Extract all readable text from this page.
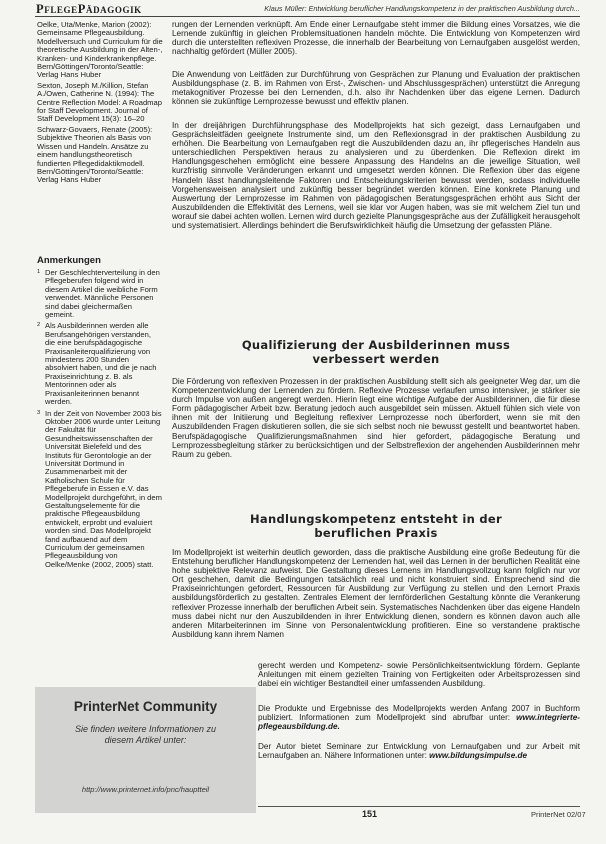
PflegePädagogik	Klaus Müller: Entwicklung beruflicher Handlungskompetenz in der praktischen Ausbildung durch...

Oelke, Uta/Menke, Marion (2002): Gemeinsame Pflegeausbildung. Modellversuch und Curriculum für die theoretische Ausbildung in der Alten-, Kranken- und Kinderkrankenpflege. Bern/Göttingen/Toronto/Seattle: Verlag Hans Huber

Sexton, Joseph M./Killion, Stefan A./Owen, Catherine N. (1994): The Centre Reflection Model: A Roadmap for Staff Development. Journal of Staff Development 15(3): 16–20

Schwarz-Govaers, Renate (2005): Subjektive Theorien als Basis von Wissen und Handeln. Ansätze zu einem handlungstheoretisch fundierten Pflegedidaktikmodell. Bern/Göttingen/Toronto/Seattle: Verlag Hans Huber

Anmerkungen
1 Der Geschlechterverteilung in den Pflegeberufen folgend wird in diesem Artikel die weibliche Form verwendet. Männliche Personen sind dabei gleichermaßen gemeint.
2 Als Ausbilderinnen werden alle Berufsangehörigen verstanden, die eine berufspädagogische Praxisanleiterqualifizierung von mindestens 200 Stunden absolviert haben, und die je nach Praxiseinrichtung z. B. als Mentorinnen oder als Praxisanleiterinnen benannt werden.
3 In der Zeit von November 2003 bis Oktober 2006 wurde unter Leitung der Fakultät für Gesundheitswissenschaften der Universität Bielefeld und des Instituts für Gerontologie an der Universität Dortmund in Zusammenarbeit mit der Katholischen Schule für Pflegeberufe in Essen e.V. das Modellprojekt durchgeführt, in dem Gestaltungselemente für die praktische Pflegeausbildung entwickelt, erprobt und evaluiert worden sind. Das Modellprojekt fand aufbauend auf dem Curriculum der gemeinsamen Pflegeausbildung von Oelke/Menke (2002, 2005) statt.
PrinterNet Community
Sie finden weitere Informationen zu diesem Artikel unter:
http://www.printernet.info/pnc/hauptteil

rungen der Lernenden verknüpft. Am Ende einer Lernaufgabe steht immer die Bildung eines Vorsatzes, wie die Lernende zukünftig in gleichen Problemsituationen handeln möchte. Die Entwicklung von Kompetenzen wird durch die unterstellten reflexiven Prozesse, die innerhalb der Bearbeitung von Lernaufgaben ausgelöst werden, nachhaltig gefördert (Müller 2005).

Die Anwendung von Leitfäden zur Durchführung von Gesprächen zur Planung und Evaluation der praktischen Ausbildungsphase (z. B. im Rahmen von Erst-, Zwischen- und Abschlussgesprächen) unterstützt die Anregung metakognitiver Prozesse bei den Lernenden, d.h. also ihr Nachdenken über das eigene Lernen. Dadurch können sie zukünftige Lernprozesse bewusst und effektiv planen.

In der dreijährigen Durchführungsphase des Modellprojekts hat sich gezeigt, dass Lernaufgaben und Gesprächsleitfäden geeignete Instrumente sind, um den Reflexionsgrad in der praktischen Ausbildung zu erhöhen. Die Bearbeitung von Lernaufgaben regt die Auszubildenden dazu an, ihr pflegerisches Handeln aus unterschiedlichen Perspektiven heraus zu analysieren und zu überdenken. Die Reflexion direkt im Handlungsgeschehen ermöglicht eine bessere Anpassung des Handelns an die jeweilige Situation, weil kurzfristig sinnvolle Veränderungen erkannt und umgesetzt werden können. Die Reflexion über das eigene Handeln lässt handlungsleitende Faktoren und Entscheidungskriterien bewusst werden, sodass individuelle Vorgehensweisen analysiert und zukünftig besser begründet werden können. Eine konkrete Planung und Auswertung der Lernprozesse im Rahmen von pädagogischen Beratungsgesprächen erhöht aus Sicht der Auszubildenden die Effektivität des Lernens, weil sie klar vor Augen haben, was sie mit welchem Ziel tun und worauf sie dabei achten wollen. Lernen wird durch gezielte Planungsgespräche aus der Zufälligkeit herausgeholt und systematisiert. Allerdings behindert die Berufswirklichkeit häufig die Umsetzung der gefassten Pläne.

Qualifizierung der Ausbilderinnen muss verbessert werden

Die Förderung von reflexiven Prozessen in der praktischen Ausbildung stellt sich als geeigneter Weg dar, um die Kompetenzentwicklung der Lernenden zu fördern. Reflexive Prozesse verlaufen umso intensiver, je stärker sie durch Impulse von außen angeregt werden. Hierin liegt eine wichtige Aufgabe der Ausbilderinnen, die für diese Form pädagogischer Arbeit bzw. Beratung jedoch auch ausgebildet sein müssen. Aktuell fühlen sich viele von ihnen mit der Initiierung und Begleitung reflexiver Lernprozesse noch überfordert, wenn sie mit den Auszubildenden Fragen diskutieren sollen, die sie sich selbst noch nie bewusst gestellt und beantwortet haben. Berufspädagogische Qualifizierungsmaßnahmen sind hier gefordert, pädagogische Beratung und Lernprozessbegleitung stärker zu berücksichtigen und der Selbstreflexion der angehenden Ausbilderinnen mehr Raum zu geben.

Handlungskompetenz entsteht in der beruflichen Praxis

Im Modellprojekt ist weiterhin deutlich geworden, dass die praktische Ausbildung eine große Bedeutung für die Entstehung beruflicher Handlungskompetenz der Lernenden hat, weil das Lernen in der beruflichen Realität eine hohe subjektive Relevanz aufweist. Die Gestaltung dieses Lernens im Handlungsvollzug kann folglich nur vor Ort geschehen, damit die Bedingungen tatsächlich real und nicht konstruiert sind. Entsprechend sind die Praxiseinrichtungen gefordert, Ressourcen für Ausbildung zur Verfügung zu stellen und den Lernort Praxis ausbildungsförderlich zu gestalten. Zentrales Element der lernförderlichen Gestaltung könnte die Verankerung reflexiver Prozesse innerhalb der beruflichen Arbeit sein. Systematisches Nachdenken über das eigene Handeln muss dabei nicht nur den Auszubildenden in ihrer Entwicklung dienen, sondern es können davon auch alle anderen Mitarbeiterinnen im Sinne von Personalentwicklung profitieren. Eine so verstandene praktische Ausbildung kann ihrem Namen

gerecht werden und Kompetenz- sowie Persönlichkeitsentwicklung fördern. Geplante Anleitungen mit einem gezielten Training von Fertigkeiten oder Arbeitsprozessen sind dabei ein wichtiger Bestandteil einer umfassenden Ausbildung.

Die Produkte und Ergebnisse des Modellprojekts werden Anfang 2007 in Buchform publiziert. Informationen zum Modellprojekt sind abrufbar unter: www.integrierte-pflegeausbildung.de.

Der Autor bietet Seminare zur Entwicklung von Lernaufgaben und zur Arbeit mit Lernaufgaben an. Nähere Informationen unter: www.bildungsimpulse.de

151	PrinterNet 02/07
